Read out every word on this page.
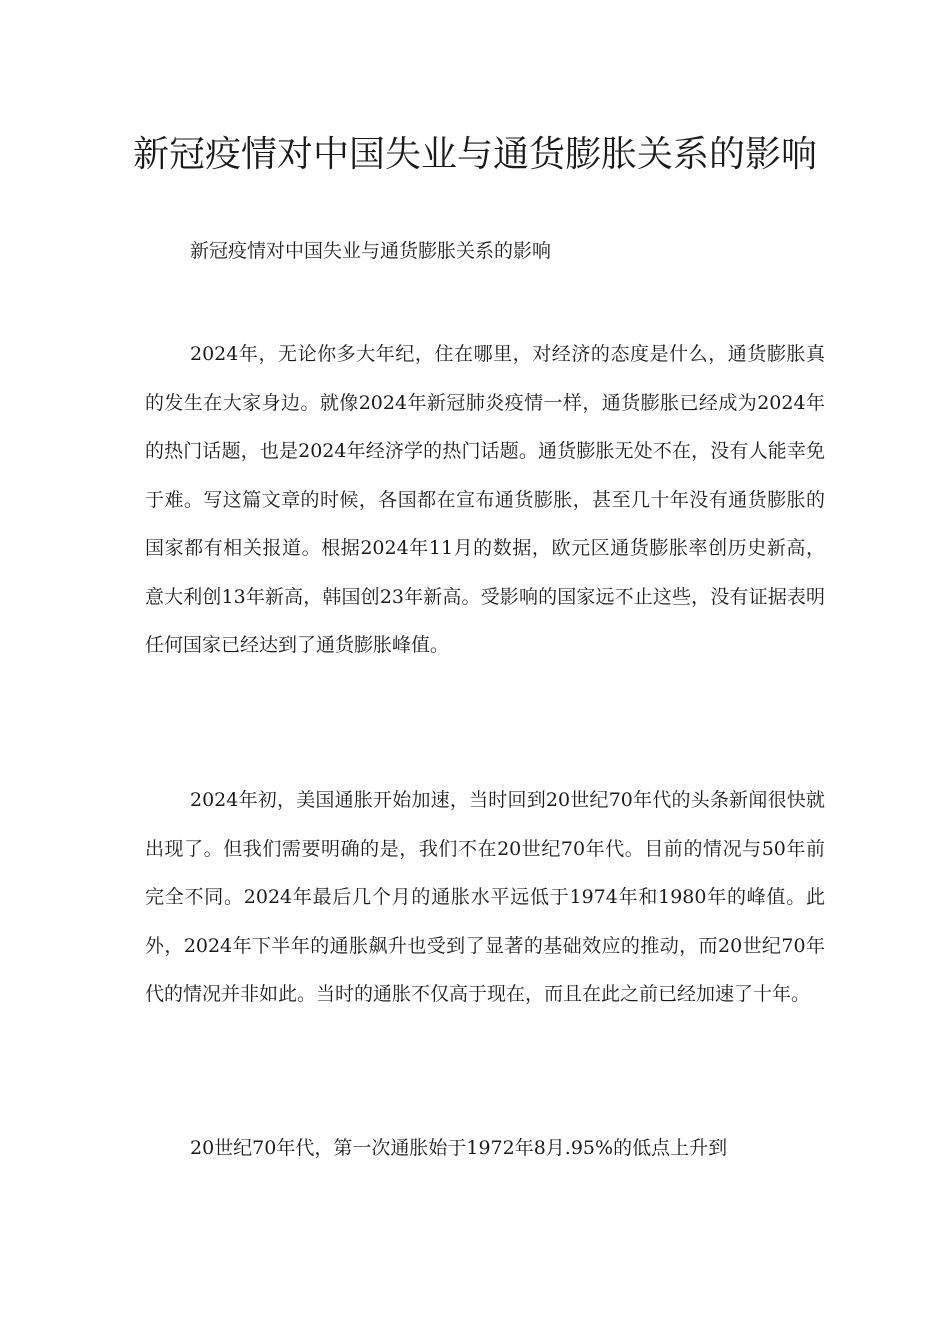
新冠疫情对中国失业与通货膨胀关系的影响

新冠疫情对中国失业与通货膨胀关系的影响

2024年，无论你多大年纪，住在哪里，对经济的态度是什么，通货膨胀真的发生在大家身边。就像2024年新冠肺炎疫情一样，通货膨胀已经成为2024年的热门话题，也是2024年经济学的热门话题。通货膨胀无处不在，没有人能幸免于难。写这篇文章的时候，各国都在宣布通货膨胀，甚至几十年没有通货膨胀的国家都有相关报道。根据2024年11月的数据，欧元区通货膨胀率创历史新高，意大利创13年新高，韩国创23年新高。受影响的国家远不止这些，没有证据表明任何国家已经达到了通货膨胀峰值。

2024年初，美国通胀开始加速，当时回到20世纪70年代的头条新闻很快就出现了。但我们需要明确的是，我们不在20世纪70年代。目前的情况与50年前完全不同。2024年最后几个月的通胀水平远低于1974年和1980年的峰值。此外，2024年下半年的通胀飙升也受到了显著的基础效应的推动，而20世纪70年代的情况并非如此。当时的通胀不仅高于现在，而且在此之前已经加速了十年。

20世纪70年代，第一次通胀始于1972年8月.95%的低点上升到
